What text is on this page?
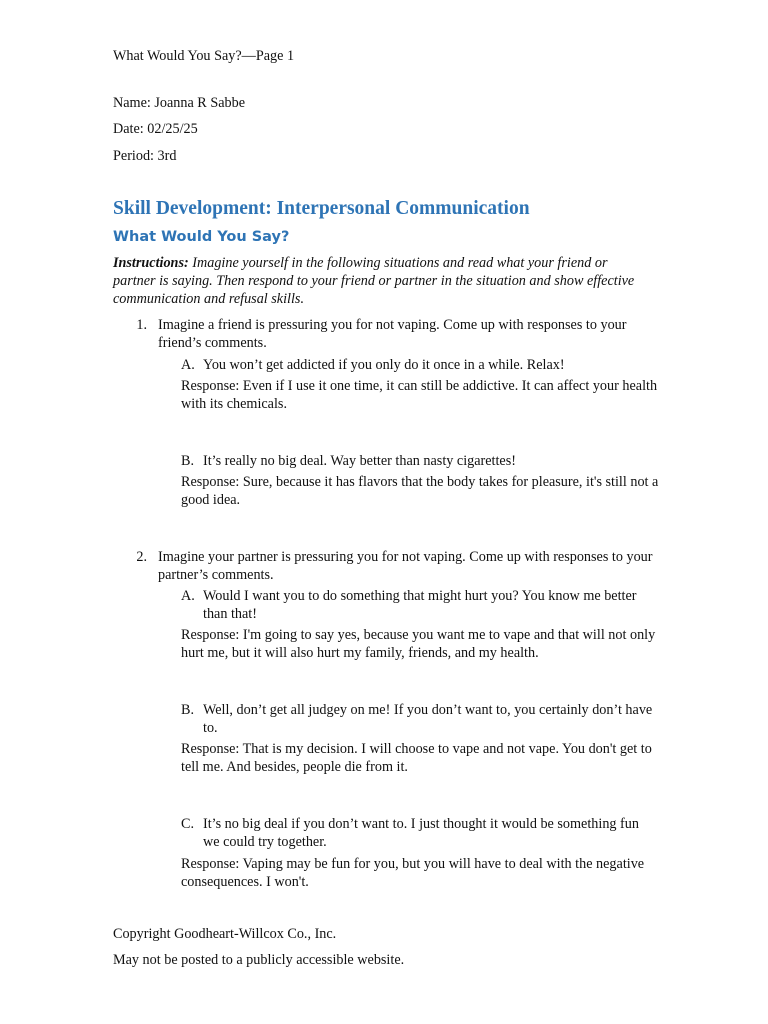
What Would You Say?—Page 1
Name: Joanna R Sabbe
Date: 02/25/25
Period: 3rd
Skill Development: Interpersonal Communication
What Would You Say?
Instructions: Imagine yourself in the following situations and read what your friend or partner is saying. Then respond to your friend or partner in the situation and show effective communication and refusal skills.
1. Imagine a friend is pressuring you for not vaping. Come up with responses to your friend’s comments.
A. You won’t get addicted if you only do it once in a while. Relax!
Response: Even if I use it one time, it can still be addictive. It can affect your health with its chemicals.
B. It’s really no big deal. Way better than nasty cigarettes!
Response: Sure, because it has flavors that the body takes for pleasure, it's still not a good idea.
2. Imagine your partner is pressuring you for not vaping. Come up with responses to your partner’s comments.
A. Would I want you to do something that might hurt you? You know me better than that!
Response: I'm going to say yes, because you want me to vape and that will not only hurt me, but it will also hurt my family, friends, and my health.
B. Well, don’t get all judgey on me! If you don’t want to, you certainly don’t have to.
Response: That is my decision. I will choose to vape and not vape. You don't get to tell me. And besides, people die from it.
C. It’s no big deal if you don’t want to. I just thought it would be something fun we could try together.
Response: Vaping may be fun for you, but you will have to deal with the negative consequences. I won't.
Copyright Goodheart-Willcox Co., Inc.
May not be posted to a publicly accessible website.
